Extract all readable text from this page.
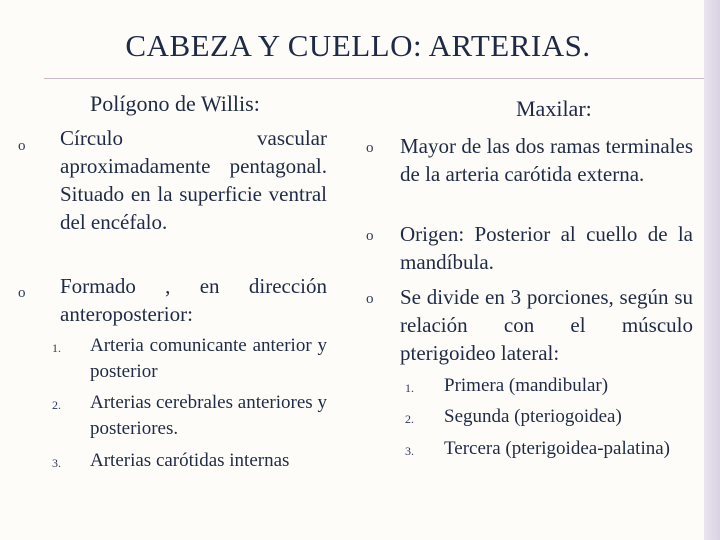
CABEZA Y CUELLO: ARTERIAS.
Polígono de Willis:
o Círculo vascular aproximadamente pentagonal. Situado en la superficie ventral del encéfalo.
o Formado , en dirección anteroposterior:
1. Arteria comunicante anterior y posterior
2. Arterias cerebrales anteriores y posteriores.
3. Arterias carótidas internas
Maxilar:
o Mayor de las dos ramas terminales de la arteria carótida externa.
o Origen: Posterior al cuello de la mandíbula.
o Se divide en 3 porciones, según su relación con el músculo pterigoideo lateral:
1. Primera (mandibular)
2. Segunda (pteriogoidea)
3. Tercera (pterigoidea-palatina)
